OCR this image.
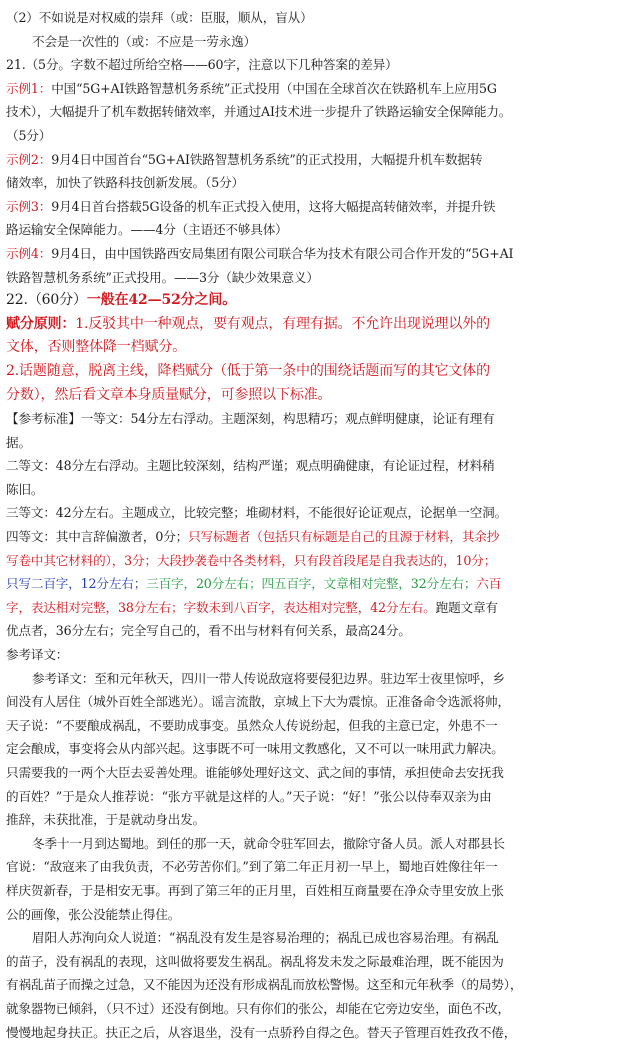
（2）不如说是对权威的崇拜（或：臣服，顺从，盲从）
不会是一次性的（或：不应是一劳永逸）
21.（5分。字数不超过所给空格——60字，注意以下几种答案的差异）
示例1：中国“5G+AI铁路智慧机务系统”正式投用（中国在全球首次在铁路机车上应用5G
技术），大幅提升了机车数据转储效率，并通过AI技术进一步提升了铁路运输安全保障能力。
（5分）
示例2：9月4日中国首台“5G+AI铁路智慧机务系统”的正式投用，大幅提升机车数据转
储效率，加快了铁路科技创新发展。（5分）
示例3：9月4日首台搭载5G设备的机车正式投入使用，这将大幅提高转储效率，并提升铁
路运输安全保障能力。——4分（主语还不够具体）
示例4：9月4日，由中国铁路西安局集团有限公司联合华为技术有限公司合作开发的“5G+AI
铁路智慧机务系统”正式投用。——3分（缺少效果意义）
22.（60分）一般在42—52分之间。
赋分原则：1.反驳其中一种观点，要有观点，有理有据。不允许出现说理以外的
文体，否则整体降一档赋分。
2.话题随意，脱离主线，降档赋分（低于第一条中的围绕话题而写的其它文体的
分数），然后看文章本身质量赋分，可参照以下标准。
【参考标准】一等文：54分左右浮动。主题深刻，构思精巧；观点鲜明健康，论证有理有
据。
二等文：48分左右浮动。主题比较深刻，结构严谨；观点明确健康，有论证过程，材料稍
陈旧。
三等文：42分左右。主题成立，比较完整；堆砌材料，不能很好论证观点，论据单一空洞。
四等文：其中言辞偏激者，0分；只写标题者（包括只有标题是自己的且源于材料，其余抄
写卷中其它材料的），3分；大段抄袭卷中各类材料，只有段首段尾是自我表达的，10分；
只写二百字，12分左右；三百字，20分左右；四五百字，文章相对完整，32分左右；六百
字，表达相对完整，38分左右；字数未到八百字，表达相对完整，42分左右。跑题文章有
优点者，36分左右；完全写自己的，看不出与材料有何关系，最高24分。
参考译文：
参考译文：至和元年秋天，四川一带人传说敌寇将要侵犯边界。驻边军士夜里惊呼，乡
间没有人居住（城外百姓全部逃光）。谣言流散，京城上下大为震惊。正准备命令选派将帅，
天子说：“不要酿成祸乱，不要助成事变。虽然众人传说纷起，但我的主意已定，外患不一
定会酿成，事变将会从内部兴起。这事既不可一味用文教感化，又不可以一味用武力解决。
只需要我的一两个大臣去妥善处理。谁能够处理好这文、武之间的事情，承担使命去安抚我
的百姓？”于是众人推荐说：“张方平就是这样的人。”天子说：“好！”张公以侍奉双亲为由
推辞，未获批准，于是就动身出发。
冬季十一月到达蜀地。到任的那一天，就命令驻军回去，撤除守备人员。派人对郡县长
官说：“敌寇来了由我负责，不必劳苦你们。”到了第二年正月初一早上，蜀地百姓像往年一
样庆贺新春，于是相安无事。再到了第三年的正月里，百姓相互商量要在净众寺里安放上张
公的画像，张公没能禁止得住。
眉阳人苏洵向众人说道：“祸乱没有发生是容易治理的；祸乱已成也容易治理。有祸乱
的苗子，没有祸乱的表现，这叫做将要发生祸乱。祸乱将发未发之际最难治理，既不能因为
有祸乱苗子而操之过急，又不能因为还没有形成祸乱而放松警惕。这至和元年秋季（的局势），
就象器物已倾斜，（只不过）还没有倒地。只有你们的张公，却能在它旁边安坐，面色不改，
慢慢地起身扶正。扶正之后，从容退坐，没有一点骄矜自得之色。替天子管理百姓孜孜不倦，
